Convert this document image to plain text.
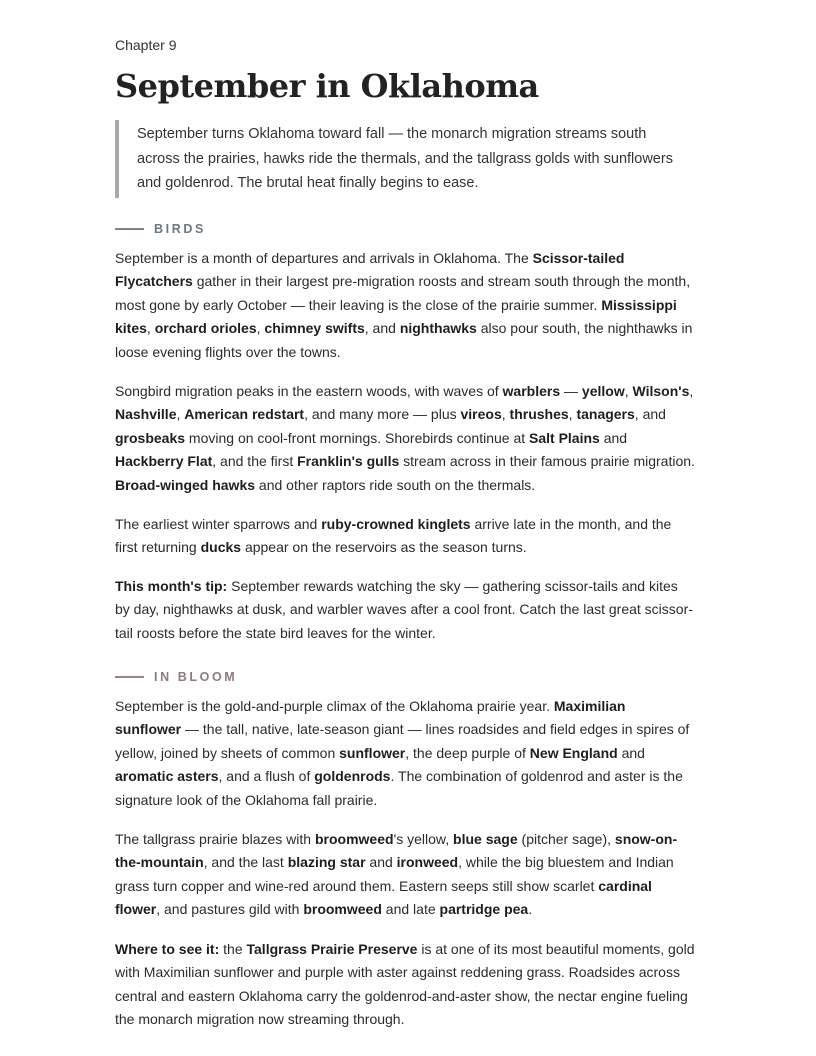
Chapter 9
September in Oklahoma
September turns Oklahoma toward fall — the monarch migration streams south across the prairies, hawks ride the thermals, and the tallgrass golds with sunflowers and goldenrod. The brutal heat finally begins to ease.
BIRDS

September is a month of departures and arrivals in Oklahoma. The Scissor-tailed Flycatchers gather in their largest pre-migration roosts and stream south through the month, most gone by early October — their leaving is the close of the prairie summer. Mississippi kites, orchard orioles, chimney swifts, and nighthawks also pour south, the nighthawks in loose evening flights over the towns.

Songbird migration peaks in the eastern woods, with waves of warblers — yellow, Wilson's, Nashville, American redstart, and many more — plus vireos, thrushes, tanagers, and grosbeaks moving on cool-front mornings. Shorebirds continue at Salt Plains and Hackberry Flat, and the first Franklin's gulls stream across in their famous prairie migration. Broad-winged hawks and other raptors ride south on the thermals.

The earliest winter sparrows and ruby-crowned kinglets arrive late in the month, and the first returning ducks appear on the reservoirs as the season turns.

This month's tip: September rewards watching the sky — gathering scissor-tails and kites by day, nighthawks at dusk, and warbler waves after a cool front. Catch the last great scissor-tail roosts before the state bird leaves for the winter.

IN BLOOM

September is the gold-and-purple climax of the Oklahoma prairie year. Maximilian sunflower — the tall, native, late-season giant — lines roadsides and field edges in spires of yellow, joined by sheets of common sunflower, the deep purple of New England and aromatic asters, and a flush of goldenrods. The combination of goldenrod and aster is the signature look of the Oklahoma fall prairie.

The tallgrass prairie blazes with broomweed's yellow, blue sage (pitcher sage), snow-on-the-mountain, and the last blazing star and ironweed, while the big bluestem and Indian grass turn copper and wine-red around them. Eastern seeps still show scarlet cardinal flower, and pastures gild with broomweed and late partridge pea.

Where to see it: the Tallgrass Prairie Preserve is at one of its most beautiful moments, gold with Maximilian sunflower and purple with aster against reddening grass. Roadsides across central and eastern Oklahoma carry the goldenrod-and-aster show, the nectar engine fueling the monarch migration now streaming through.
